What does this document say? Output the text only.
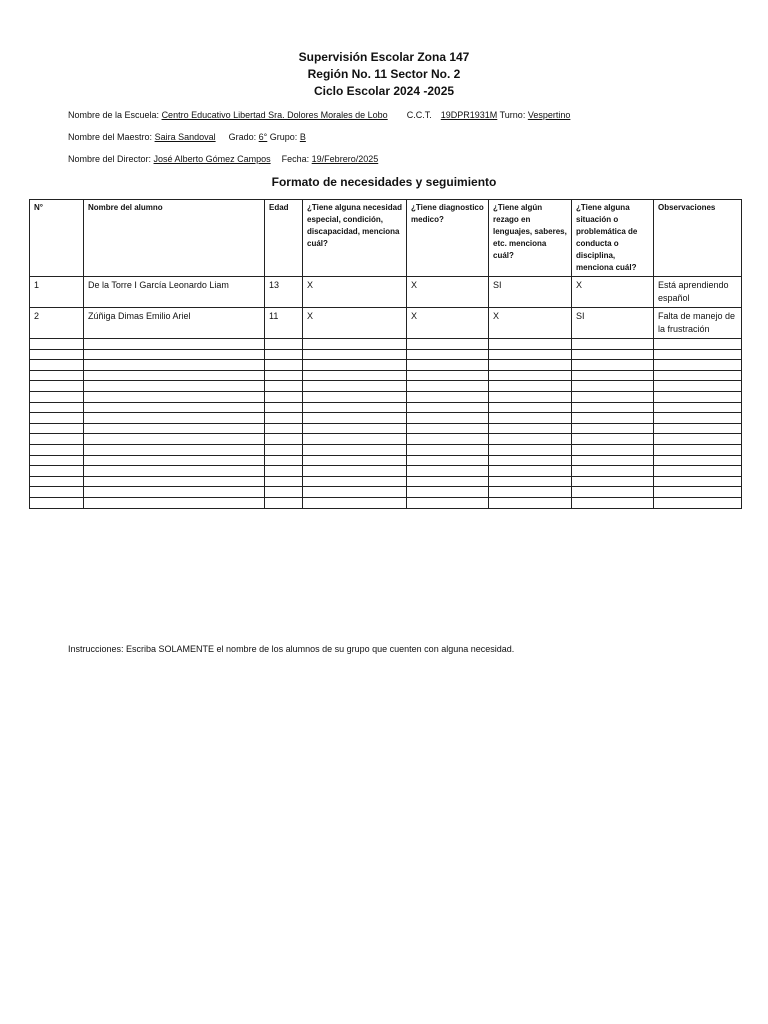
Supervisión Escolar Zona 147
Región No. 11 Sector No. 2
Ciclo Escolar 2024 -2025
Nombre de la Escuela: Centro Educativo Libertad Sra. Dolores Morales de Lobo C.C.T. 19DPR1931M Turno: Vespertino
Nombre del Maestro: Saira Sandoval Grado: 6° Grupo: B
Nombre del Director: José Alberto Gómez Campos Fecha: 19/Febrero/2025
Formato de necesidades y seguimiento
N°	Nombre del alumno	Edad	¿Tiene alguna necesidad especial, condición, discapacidad, menciona cuál?	¿Tiene diagnostico medico?	¿Tiene algún rezago en lenguajes, saberes, etc. menciona cuál?	¿Tiene alguna situación o problemática de conducta o disciplina, menciona cuál?	Observaciones
1	De la Torre I García Leonardo Liam	13	X	X	SI	X	Está aprendiendo español
2	Zúñiga Dimas Emilio Ariel	11	X	X	X	SI	Falta de manejo de la frustración

Instrucciones: Escriba SOLAMENTE el nombre de los alumnos de su grupo que cuenten con alguna necesidad.
